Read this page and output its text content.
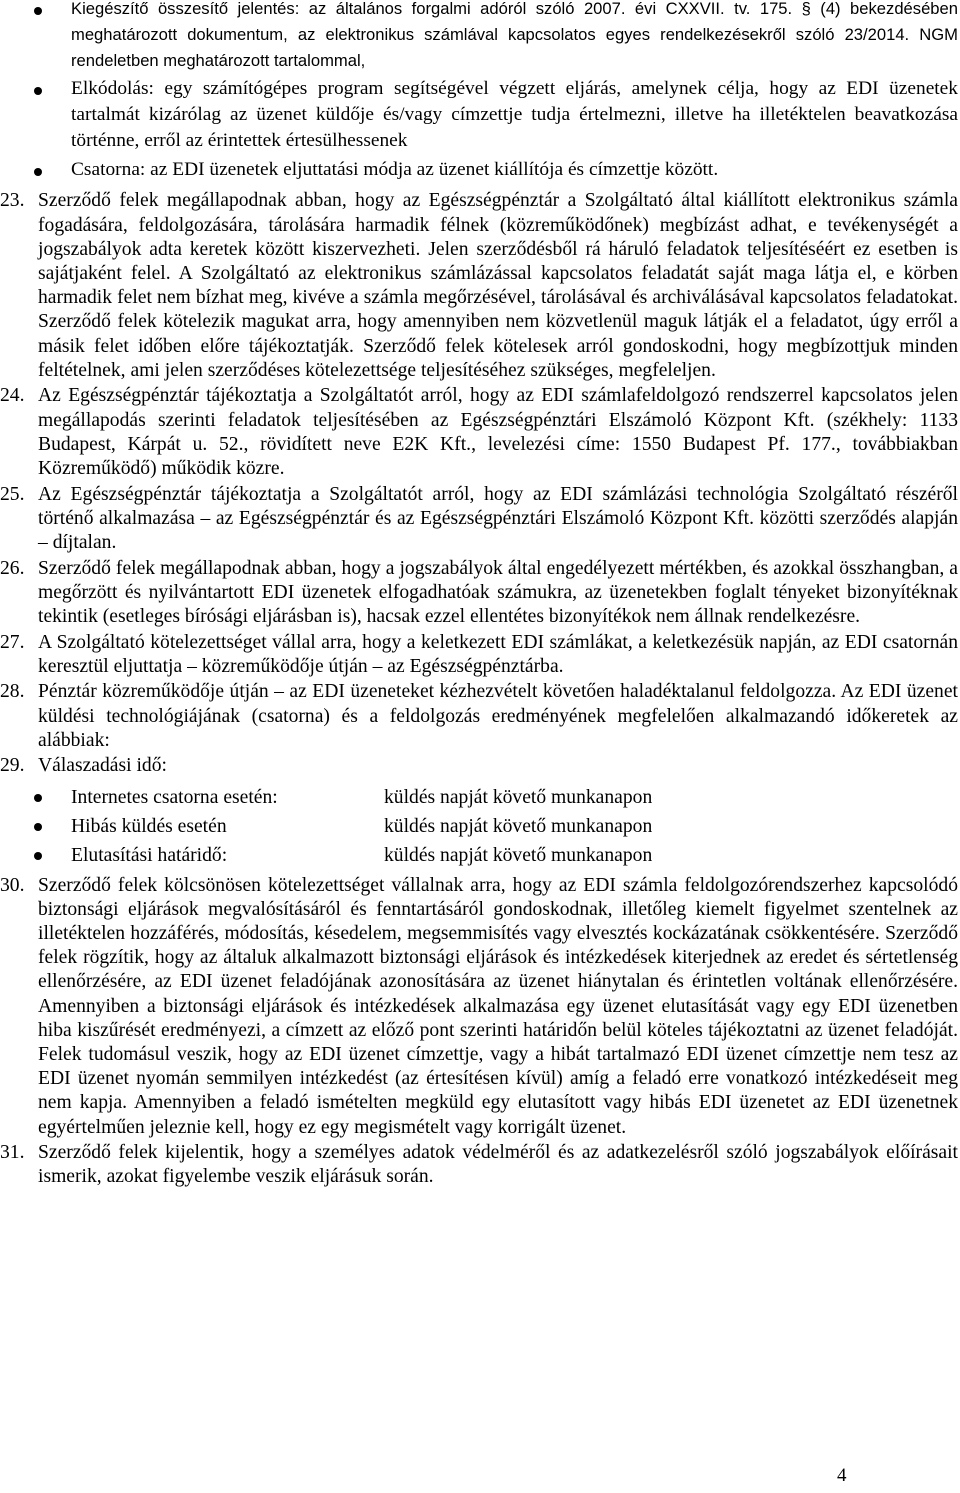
Kiegészítő összesítő jelentés: az általános forgalmi adóról szóló 2007. évi CXXVII. tv. 175. § (4) bekezdésében meghatározott dokumentum, az elektronikus számlával kapcsolatos egyes rendelkezésekről szóló 23/2014. NGM rendeletben meghatározott tartalommal,
Elkódolás: egy számítógépes program segítségével végzett eljárás, amelynek célja, hogy az EDI üzenetek tartalmát kizárólag az üzenet küldője és/vagy címzettje tudja értelmezni, illetve ha illetéktelen beavatkozása történne, erről az érintettek értesülhessenek
Csatorna: az EDI üzenetek eljuttatási módja az üzenet kiállítója és címzettje között.
23. Szerződő felek megállapodnak abban, hogy az Egészségpénztár a Szolgáltató által kiállított elektronikus számla fogadására, feldolgozására, tárolására harmadik félnek (közreműködőnek) megbízást adhat, e tevékenységét a jogszabályok adta keretek között kiszervezheti. Jelen szerződésből rá háruló feladatok teljesítéséért ez esetben is sajátjaként felel. A Szolgáltató az elektronikus számlázással kapcsolatos feladatát saját maga látja el, e körben harmadik felet nem bízhat meg, kivéve a számla megőrzésével, tárolásával és archiválásával kapcsolatos feladatokat. Szerződő felek kötelezik magukat arra, hogy amennyiben nem közvetlenül maguk látják el a feladatot, úgy erről a másik felet időben előre tájékoztatják. Szerződő felek kötelesek arról gondoskodni, hogy megbízottjuk minden feltételnek, ami jelen szerződéses kötelezettsége teljesítéséhez szükséges, megfeleljen.
24. Az Egészségpénztár tájékoztatja a Szolgáltatót arról, hogy az EDI számlafeldolgozó rendszerrel kapcsolatos jelen megállapodás szerinti feladatok teljesítésében az Egészségpénztári Elszámoló Központ Kft. (székhely: 1133 Budapest, Kárpát u. 52., rövidített neve E2K Kft., levelezési címe: 1550 Budapest Pf. 177., továbbiakban Közreműködő) működik közre.
25. Az Egészségpénztár tájékoztatja a Szolgáltatót arról, hogy az EDI számlázási technológia Szolgáltató részéről történő alkalmazása – az Egészségpénztár és az Egészségpénztári Elszámoló Központ Kft. közötti szerződés alapján – díjtalan.
26. Szerződő felek megállapodnak abban, hogy a jogszabályok által engedélyezett mértékben, és azokkal összhangban, a megőrzött és nyilvántartott EDI üzenetek elfogadhatóak számukra, az üzenetekben foglalt tényeket bizonyítéknak tekintik (esetleges bírósági eljárásban is), hacsak ezzel ellentétes bizonyítékok nem állnak rendelkezésre.
27. A Szolgáltató kötelezettséget vállal arra, hogy a keletkezett EDI számlákat, a keletkezésük napján, az EDI csatornán keresztül eljuttatja – közreműködője útján – az Egészségpénztárba.
28. Pénztár közreműködője útján – az EDI üzeneteket kézhezvételt követően haladéktalanul feldolgozza. Az EDI üzenet küldési technológiájának (csatorna) és a feldolgozás eredményének megfelelően alkalmazandó időkeretek az alábbiak:
29. Válaszadási idő:
Internetes csatorna esetén:	küldés napját követő munkanapon
Hibás küldés esetén	küldés napját követő munkanapon
Elutasítási határidő:	küldés napját követő munkanapon
30. Szerződő felek kölcsönösen kötelezettséget vállalnak arra, hogy az EDI számla feldolgozórendszerhez kapcsolódó biztonsági eljárások megvalósításáról és fenntartásáról gondoskodnak, illetőleg kiemelt figyelmet szentelnek az illetéktelen hozzáférés, módosítás, késedelem, megsemmisítés vagy elvesztés kockázatának csökkentésére. Szerződő felek rögzítik, hogy az általuk alkalmazott biztonsági eljárások és intézkedések kiterjednek az eredet és sértetlenség ellenőrzésére, az EDI üzenet feladójának azonosítására az üzenet hiánytalan és érintetlen voltának ellenőrzésére. Amennyiben a biztonsági eljárások és intézkedések alkalmazása egy üzenet elutasítását vagy egy EDI üzenetben hiba kiszűrését eredményezi, a címzett az előző pont szerinti határidőn belül köteles tájékoztatni az üzenet feladóját. Felek tudomásul veszik, hogy az EDI üzenet címzettje, vagy a hibát tartalmazó EDI üzenet címzettje nem tesz az EDI üzenet nyomán semmilyen intézkedést (az értesítésen kívül) amíg a feladó erre vonatkozó intézkedéseit meg nem kapja. Amennyiben a feladó ismételten megküld egy elutasított vagy hibás EDI üzenetet az EDI üzenetnek egyértelműen jeleznie kell, hogy ez egy megismételt vagy korrigált üzenet.
31. Szerződő felek kijelentik, hogy a személyes adatok védelméről és az adatkezelésről szóló jogszabályok előírásait ismerik, azokat figyelembe veszik eljárásuk során.
4
